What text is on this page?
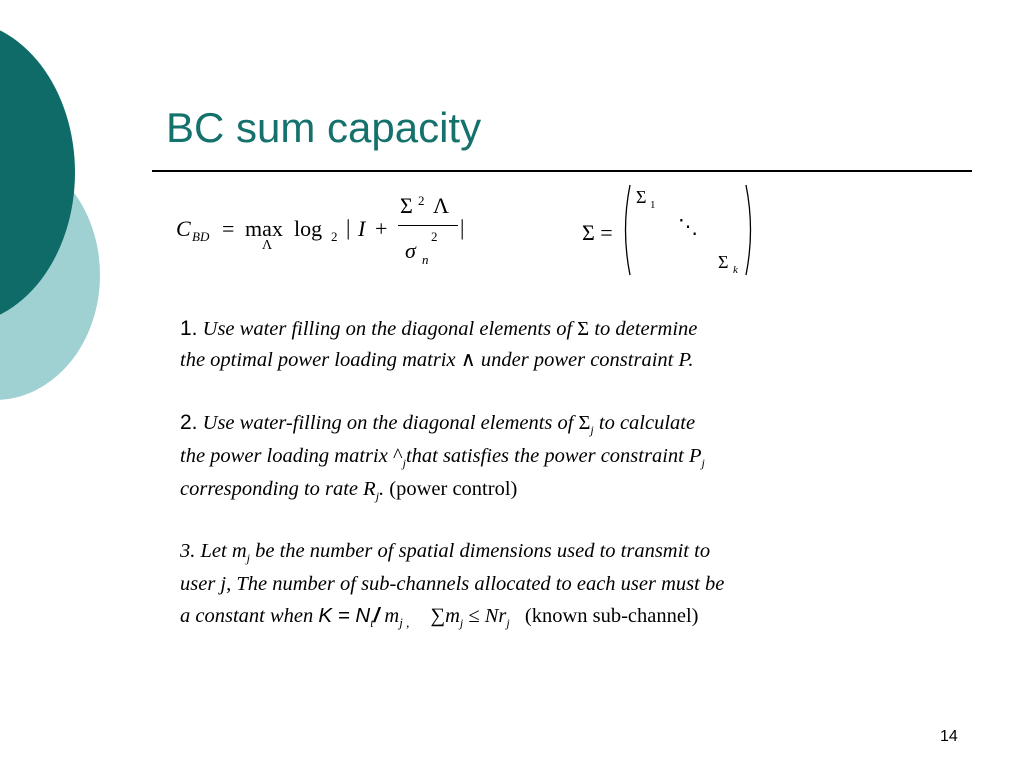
BC sum capacity
C BD = max
Λ
log 2 | I +
Σ 2 Λ
σ n
2 |	Σ =
Σ 1
⋱
Σ k
1. Use water filling on the diagonal elements of Σ to determine
the optimal power loading matrix ∧ under power constraint P.
2. Use water-filling on the diagonal elements of $\Sigma_j$ to calculate
the power loading matrix $\^{}_jthat$ satisfies the power constraint $P_j$
corresponding to rate $R_j$. (power control)
3. Let $m_j$ be the number of spatial dimensions used to transmit to
user j, The number of sub-channels allocated to each user must be
a constant when $K = N_t/$ $m_{j ,}$ $\sum m_j \le Nr_j$ (known sub-channel)
14
